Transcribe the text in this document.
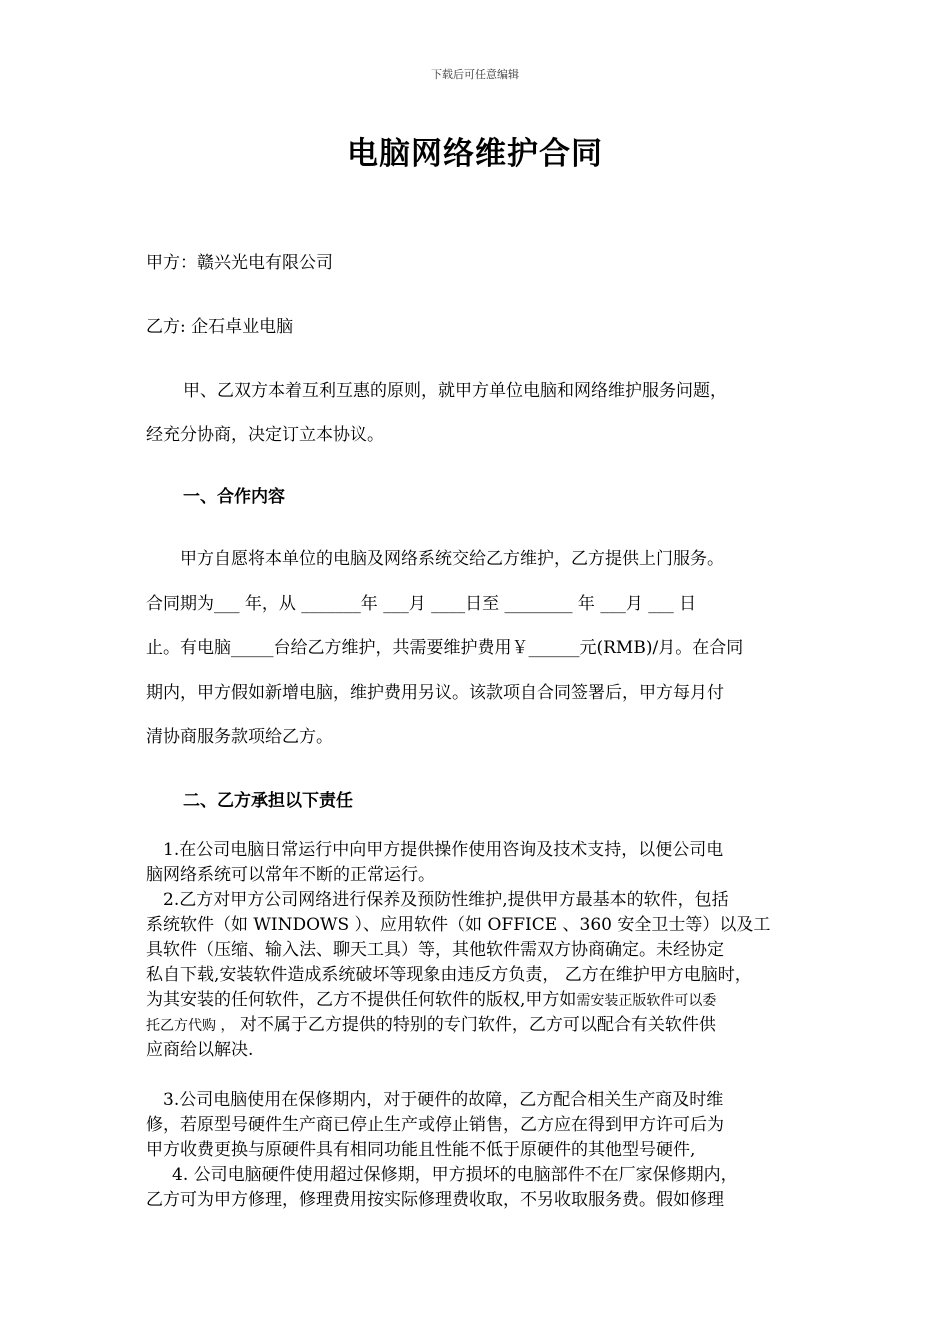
下载后可任意编辑
电脑网络维护合同
甲方：赣兴光电有限公司
乙方: 企石卓业电脑
甲、乙双方本着互利互惠的原则，就甲方单位电脑和网络维护服务问题，
经充分协商，决定订立本协议。
一、合作内容
甲方自愿将本单位的电脑及网络系统交给乙方维护，乙方提供上门服务。
合同期为___ 年，从 _______年 ___月 ____日至 ________ 年 ___月 ___ 日
止。有电脑_____台给乙方维护，共需要维护费用￥______元(RMB)/月。在合同
期内，甲方假如新增电脑，维护费用另议。该款项自合同签署后，甲方每月付
清协商服务款项给乙方。
二、乙方承担以下责任
1.在公司电脑日常运行中向甲方提供操作使用咨询及技术支持，以便公司电
脑网络系统可以常年不断的正常运行。
2.乙方对甲方公司网络进行保养及预防性维护,提供甲方最基本的软件，包括
系统软件（如 WINDOWS ）、应用软件（如 OFFICE 、360 安全卫士等）以及工
具软件（压缩、输入法、聊天工具）等，其他软件需双方协商确定。未经协定
私自下载,安装软件造成系统破坏等现象由违反方负责， 乙方在维护甲方电脑时，
为其安装的任何软件，乙方不提供任何软件的版权,甲方如需安装正版软件可以委
托乙方代购 ， 对不属于乙方提供的特别的专门软件，乙方可以配合有关软件供
应商给以解决.
3.公司电脑使用在保修期内，对于硬件的故障，乙方配合相关生产商及时维
修，若原型号硬件生产商已停止生产或停止销售，乙方应在得到甲方许可后为
甲方收费更换与原硬件具有相同功能且性能不低于原硬件的其他型号硬件,
4. 公司电脑硬件使用超过保修期，甲方损坏的电脑部件不在厂家保修期内，
乙方可为甲方修理，修理费用按实际修理费收取，不另收取服务费。假如修理
